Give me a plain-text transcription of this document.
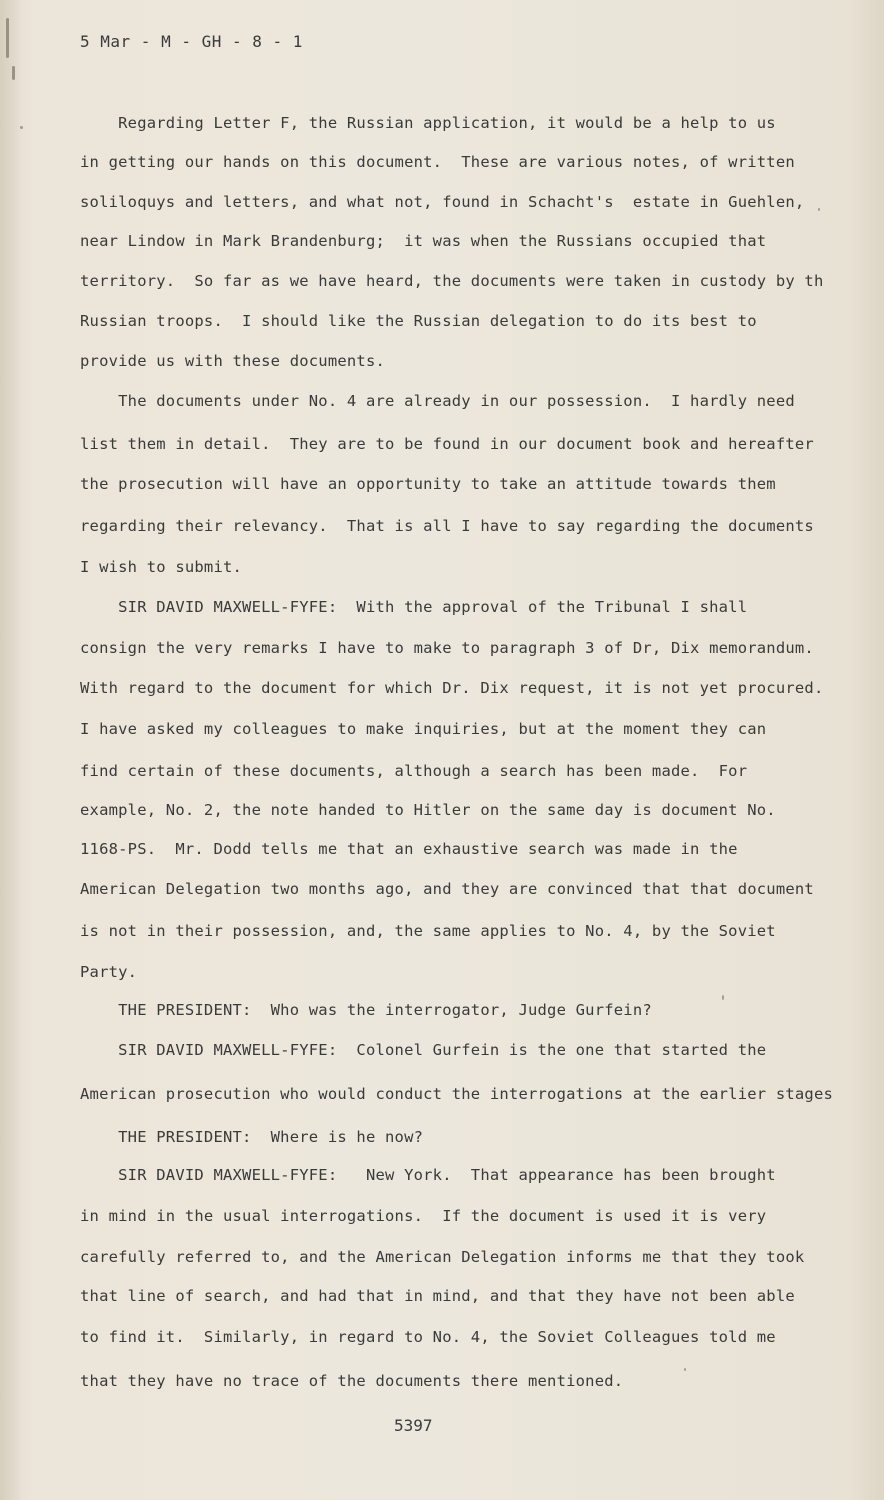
5 Mar - M - GH - 8 - 1
Regarding Letter F, the Russian application, it would be a help to us
in getting our hands on this document.  These are various notes, of written
soliloquys and letters, and what not, found in Schacht's  estate in Guehlen,
near Lindow in Mark Brandenburg;  it was when the Russians occupied that
territory.  So far as we have heard, the documents were taken in custody by th
Russian troops.  I should like the Russian delegation to do its best to
provide us with these documents.
The documents under No. 4 are already in our possession.  I hardly need
list them in detail.  They are to be found in our document book and hereafter
the prosecution will have an opportunity to take an attitude towards them
regarding their relevancy.  That is all I have to say regarding the documents
I wish to submit.
SIR DAVID MAXWELL-FYFE:  With the approval of the Tribunal I shall
consign the very remarks I have to make to paragraph 3 of Dr, Dix memorandum.
With regard to the document for which Dr. Dix request, it is not yet procured.
I have asked my colleagues to make inquiries, but at the moment they can
find certain of these documents, although a search has been made.  For
example, No. 2, the note handed to Hitler on the same day is document No.
1168-PS.  Mr. Dodd tells me that an exhaustive search was made in the
American Delegation two months ago, and they are convinced that that document
is not in their possession, and, the same applies to No. 4, by the Soviet
Party.
THE PRESIDENT:  Who was the interrogator, Judge Gurfein?
SIR DAVID MAXWELL-FYFE:  Colonel Gurfein is the one that started the
American prosecution who would conduct the interrogations at the earlier stages
THE PRESIDENT:  Where is he now?
SIR DAVID MAXWELL-FYFE:   New York.  That appearance has been brought
in mind in the usual interrogations.  If the document is used it is very
carefully referred to, and the American Delegation informs me that they took
that line of search, and had that in mind, and that they have not been able
to find it.  Similarly, in regard to No. 4, the Soviet Colleagues told me
that they have no trace of the documents there mentioned.
5397
